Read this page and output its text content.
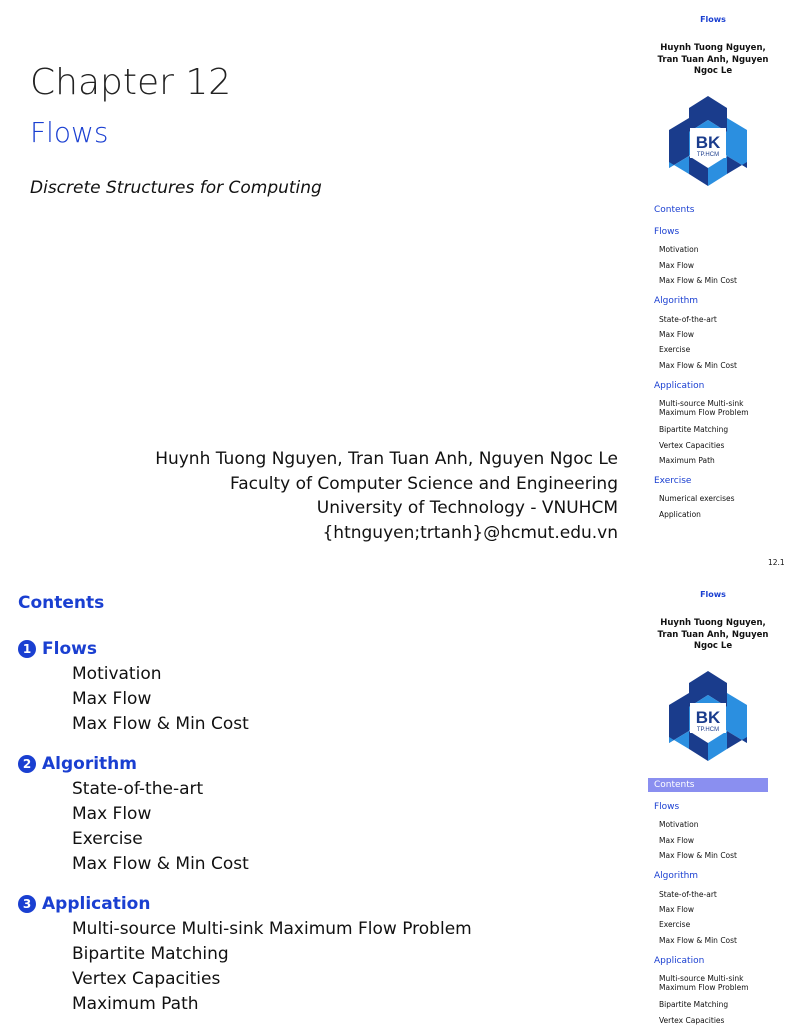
Chapter 12
Flows
Discrete Structures for Computing
Huynh Tuong Nguyen, Tran Tuan Anh, Nguyen Ngoc Le
Faculty of Computer Science and Engineering
University of Technology - VNUHCM
{htnguyen;trtanh}@hcmut.edu.vn
Flows
Huynh Tuong Nguyen,
Tran Tuan Anh, Nguyen
Ngoc Le
BK
TP.HCM
Contents
Flows
Motivation
Max Flow
Max Flow & Min Cost
Algorithm
State-of-the-art
Max Flow
Exercise
Max Flow & Min Cost
Application
Multi-source Multi-sink
Maximum Flow Problem
Bipartite Matching
Vertex Capacities
Maximum Path
Exercise
Numerical exercises
Application
12.1
Contents
1 Flows
Motivation
Max Flow
Max Flow & Min Cost
2 Algorithm
State-of-the-art
Max Flow
Exercise
Max Flow & Min Cost
3 Application
Multi-source Multi-sink Maximum Flow Problem
Bipartite Matching
Vertex Capacities
Maximum Path
Flows
Huynh Tuong Nguyen,
Tran Tuan Anh, Nguyen
Ngoc Le
BK
TP.HCM
Contents
Flows
Motivation
Max Flow
Max Flow & Min Cost
Algorithm
State-of-the-art
Max Flow
Exercise
Max Flow & Min Cost
Application
Multi-source Multi-sink
Maximum Flow Problem
Bipartite Matching
Vertex Capacities
